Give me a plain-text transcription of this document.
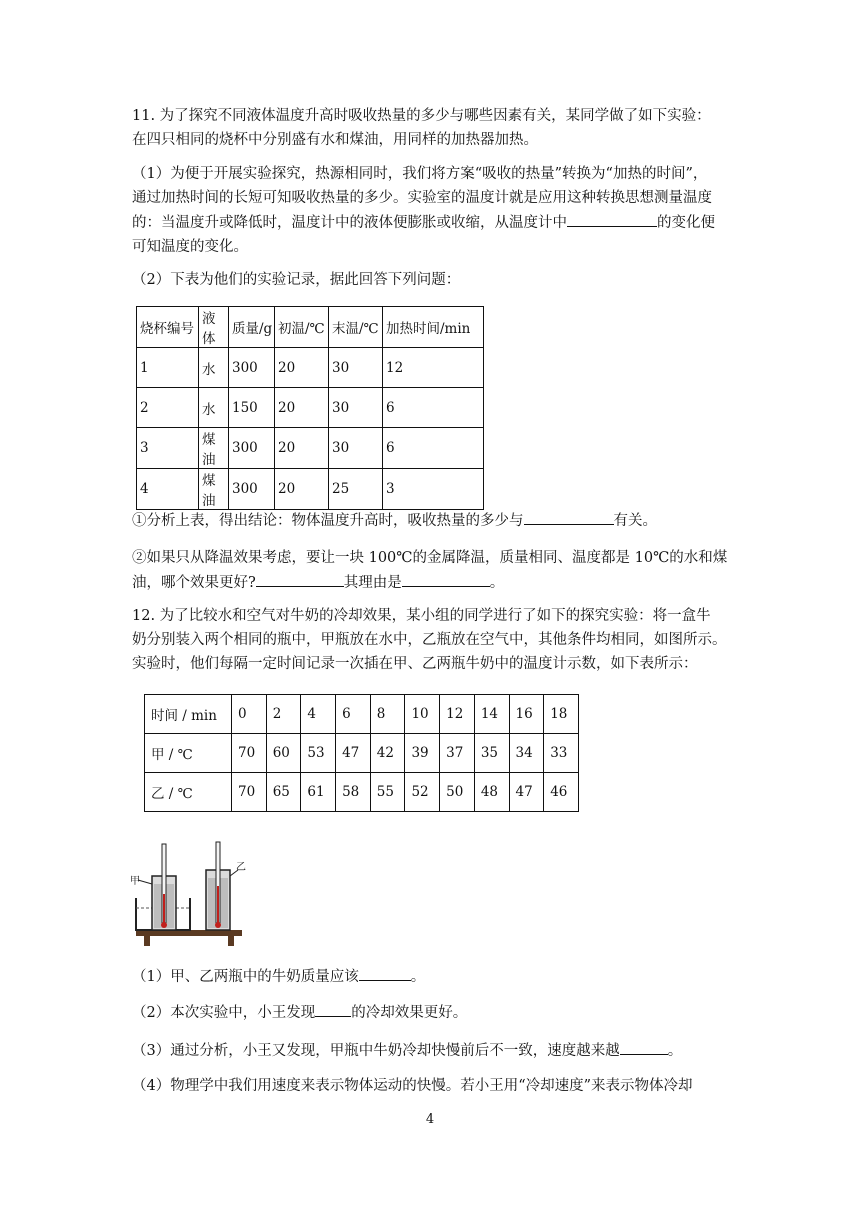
11. 为了探究不同液体温度升高时吸收热量的多少与哪些因素有关，某同学做了如下实验：
在四只相同的烧杯中分别盛有水和煤油，用同样的加热器加热。

（1）为便于开展实验探究，热源相同时，我们将方案“吸收的热量”转换为“加热的时间”，
通过加热时间的长短可知吸收热量的多少。实验室的温度计就是应用这种转换思想测量温度
的：当温度升或降低时，温度计中的液体便膨胀或收缩，从温度计中	的变化便
可知温度的变化。

（2）下表为他们的实验记录，据此回答下列问题：

烧杯编号	液体	质量/g	初温/℃	末温/℃	加热时间/min
1	水	300	20	30	12
2	水	150	20	30	6
3	煤油	300	20	30	6
4	煤油	300	20	25	3

①分析上表，得出结论：物体温度升高时，吸收热量的多少与	有关。

②如果只从降温效果考虑，要让一块 100℃的金属降温，质量相同、温度都是 10℃的水和煤
油，哪个效果更好?	其理由是	。

12. 为了比较水和空气对牛奶的冷却效果，某小组的同学进行了如下的探究实验：将一盒牛
奶分别装入两个相同的瓶中，甲瓶放在水中，乙瓶放在空气中，其他条件均相同，如图所示。
实验时，他们每隔一定时间记录一次插在甲、乙两瓶牛奶中的温度计示数，如下表所示：

时间 / min	0	2	4	6	8	10	12	14	16	18
甲 / ℃	70	60	53	47	42	39	37	35	34	33
乙 / ℃	70	65	61	58	55	52	50	48	47	46
甲
乙

（1）甲、乙两瓶中的牛奶质量应该	。

（2）本次实验中，小王发现 的冷却效果更好。

（3）通过分析，小王又发现，甲瓶中牛奶冷却快慢前后不一致，速度越来越	。

（4）物理学中我们用速度来表示物体运动的快慢。若小王用“冷却速度”来表示物体冷却

4
